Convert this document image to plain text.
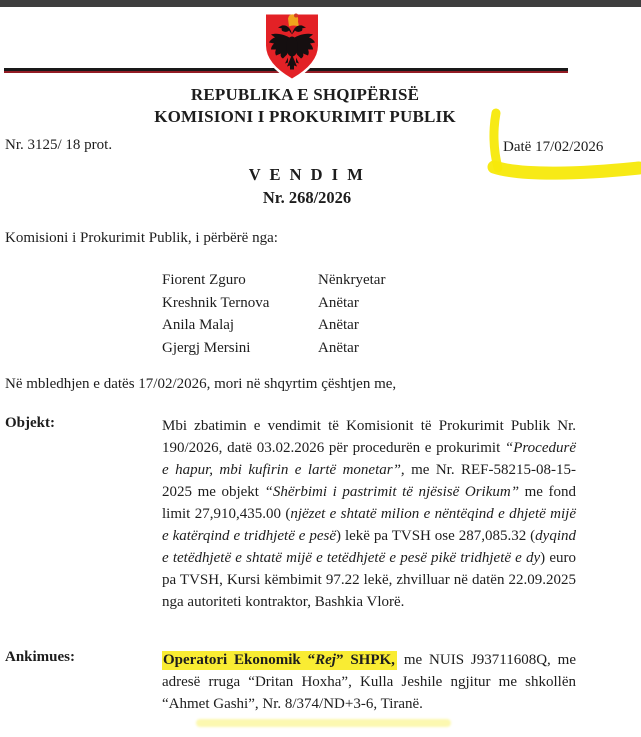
REPUBLIKA E SHQIPËRISË
KOMISIONI I PROKURIMIT PUBLIK
Nr. 3125/ 18 prot.	Datë 17/02/2026
V E N D I M
Nr. 268/2026
Komisioni i Prokurimit Publik, i përbërë nga:
Fiorent Zguro	Nënkryetar
Kreshnik Ternova	Anëtar
Anila Malaj	Anëtar
Gjergj Mersini	Anëtar
Në mbledhjen e datës 17/02/2026, mori në shqyrtim çështjen me,
Objekt:	Mbi zbatimin e vendimit të Komisionit të Prokurimit Publik Nr. 190/2026, datë 03.02.2026 për procedurën e prokurimit “Procedurë e hapur, mbi kufirin e lartë monetar”, me Nr. REF-58215-08-15-2025 me objekt “Shërbimi i pastrimit të njësisë Orikum” me fond limit 27,910,435.00 (njëzet e shtatë milion e nëntëqind e dhjetë mijë e katërqind e tridhjetë e pesë) lekë pa TVSH ose 287,085.32 (dyqind e tetëdhjetë e shtatë mijë e tetëdhjetë e pesë pikë tridhjetë e dy) euro pa TVSH, Kursi këmbimit 97.22 lekë, zhvilluar në datën 22.09.2025 nga autoriteti kontraktor, Bashkia Vlorë.
Ankimues:	Operatori Ekonomik “Rej” SHPK, me NUIS J93711608Q, me adresë rruga “Dritan Hoxha”, Kulla Jeshile ngjitur me shkollën “Ahmet Gashi”, Nr. 8/374/ND+3-6, Tiranë.
